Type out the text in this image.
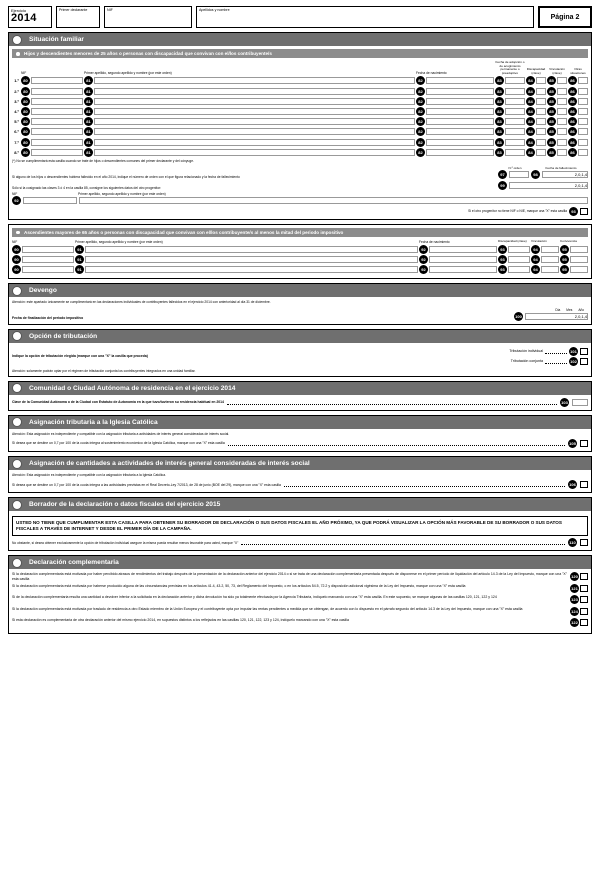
Ejercicio
2014
Primer declarante	NIF	Apellidos y nombre
Página 2
Situación familiar
Hijos y descendientes menores de 25 años o personas con discapacidad que convivan con el/los contribuyente/s
NIF	Primer apellido, segundo apellido y nombre (por este orden)	Fecha de nacimiento
Fecha de adopción o de acogimiento permanente o preadoptivo
Discapacidad (clave)
Vinculación (clave)
Otras situaciones
1.º	80	81	82	83	84	85	86
2.º	80	81	82	83	84	85	86
3.º	80	81	82	83	84	85	86
4.º	80	81	82	83	84	85	86
5.º	80	81	82	83	84	85	86
6.º	80	81	82	83	84	85	86
7.º	80	81	82	83	84	85	86
8.º	80	81	82	83	84	85	86
(*) No se cumplimentará esta casilla cuando se trate de hijos o descendientes comunes del primer declarante y del cónyuge.
Si alguno de los hijos o descendientes hubiera fallecido en el año 2014, indique el número de orden con el que figura relacionado y la fecha de fallecimiento
N.º orden	Fecha de fallecimiento
97	98	2,0,1,4
Sólo si la cosignado las claves 3 ó 4 en la casilla 85, consigne los siguientes datos del otro progenitor:	99	2,0,1,4
NIF	Primer apellido, segundo apellido y nombre (por este orden)
92
Si el otro progenitor no tiene NIF o NIE, marque una "X" esta casilla	93
Ascendientes mayores de 65 años o personas con discapacidad que convivan con el/los contribuyente/s al menos la mitad del periodo impositivo
NIF	Primer apellido, segundo apellido y nombre (por este orden)	Fecha de nacimiento	Discapacidad (clave) Vinculación	Convivencia
90	91	92	93	94	95
90	91	92	93	94	95
90	91	92	93	94	95
Devengo
Atención: este apartado únicamente se cumplimentará en las declaraciones individuales de contribuyentes fallecidos en el ejercicio 2014 con anterioridad al día 31 de diciembre.
Fecha de finalización del periodo impositivo
Día Mes Año
100	2,0,1,4
Opción de tributación
Indique la opción de tributación elegida (marque con una "X" la casilla que proceda)
Tributación individual	101
Tributación conjunta	102
Atención: solamente podrán optar por el régimen de tributación conjunta los contribuyentes integrados en una unidad familiar.
Comunidad o Ciudad Autónoma de residencia en el ejercicio 2014
Clave de la Comunidad Autónoma o de la Ciudad con Estatuto de Autonomía en la que tuvo/tuvieron su residencia habitual en 2014	103
Asignación tributaria a la Iglesia Católica
Atención: Esta asignación es independiente y compatible con la asignación tributaria a actividades de interés general consideradas de interés social.
Si desea que se destine un 0,7 por 100 de la cuota íntegra al sostenimiento económico de la Iglesia Católica, marque con una "X" esta casilla	105
Asignación de cantidades a actividades de interés general consideradas de interés social
Atención: Esta asignación es independiente y compatible con la asignación tributaria a la Iglesia Católica.
Si desea que se destine un 0,7 por 100 de la cuota íntegra a las actividades previstas en el Real Decreto-Ley 7/2013, de 28 de junio (BOE del 29), marque con una "X" esta casilla	106
Borrador de la declaración o datos fiscales del ejercicio 2015
USTED NO TIENE QUE CUMPLIMENTAR ESTA CASILLA PARA OBTENER SU BORRADOR DE DECLARACIÓN O SUS DATOS FISCALES EL AÑO PRÓXIMO, YA QUE PODRÁ VISUALIZAR LA OPCIÓN MÁS FAVORABLE DE SU BORRADOR O SUS DATOS FISCALES A TRAVÉS DE INTERNET Y DESDE EL PRIMER DÍA DE LA CAMPAÑA.
No obstante, si desea obtener exclusivamente la opción de tributación individual asegure la misma pueda resultar menos favorable para usted, marque "X"	110
Declaración complementaria
Si la declaración complementaria está motivada por haber percibido atrasos de rendimientos del trabajo después de la presentación de la declaración anterior del ejercicio 2014 o si se trata de una declaración complementaria presentada después de disponerse en el primer período de liquidación del artículo 14.3 de la Ley del Impuesto, marque con una "X" esta casilla	120
Si la declaración complementaria está motivada por haberse producido alguna de las circunstancias previstas en los artículos 41.4, 43.2, 50, 73, del Reglamento del Impuesto, o en los artículos 54.5, 72.2 y disposición adicional vigésima de la Ley del Impuesto, marque con una "X" esta casilla	121
Si de la declaración complementaria resulta una cantidad a devolver inferior a la solicitada en la declaración anterior y dicha devolución ha sido ya totalmente efectuada por la Agencia Tributaria, indíquelo marcando con una "X" esta casilla. En este supuesto, se marque algunas de las casillas 120, 121, 122 y 124	123
Si la declaración complementaria está motivada por traslado de residencia a otro Estado miembro de la Unión Europea y el contribuyente opta por imputar las rentas pendientes a medida que se obtengan, de acuerdo con lo dispuesto en el párrafo segundo del artículo 14.3 de la Ley del Impuesto, marque con una "X" esta casilla	124
Si esta declaración es complementaria de otra declaración anterior del mismo ejercicio 2014, en supuestos distintos a los reflejados en las casillas 120, 121, 122, 123 y 124, indíquelo marcando con una "X" esta casilla	122
